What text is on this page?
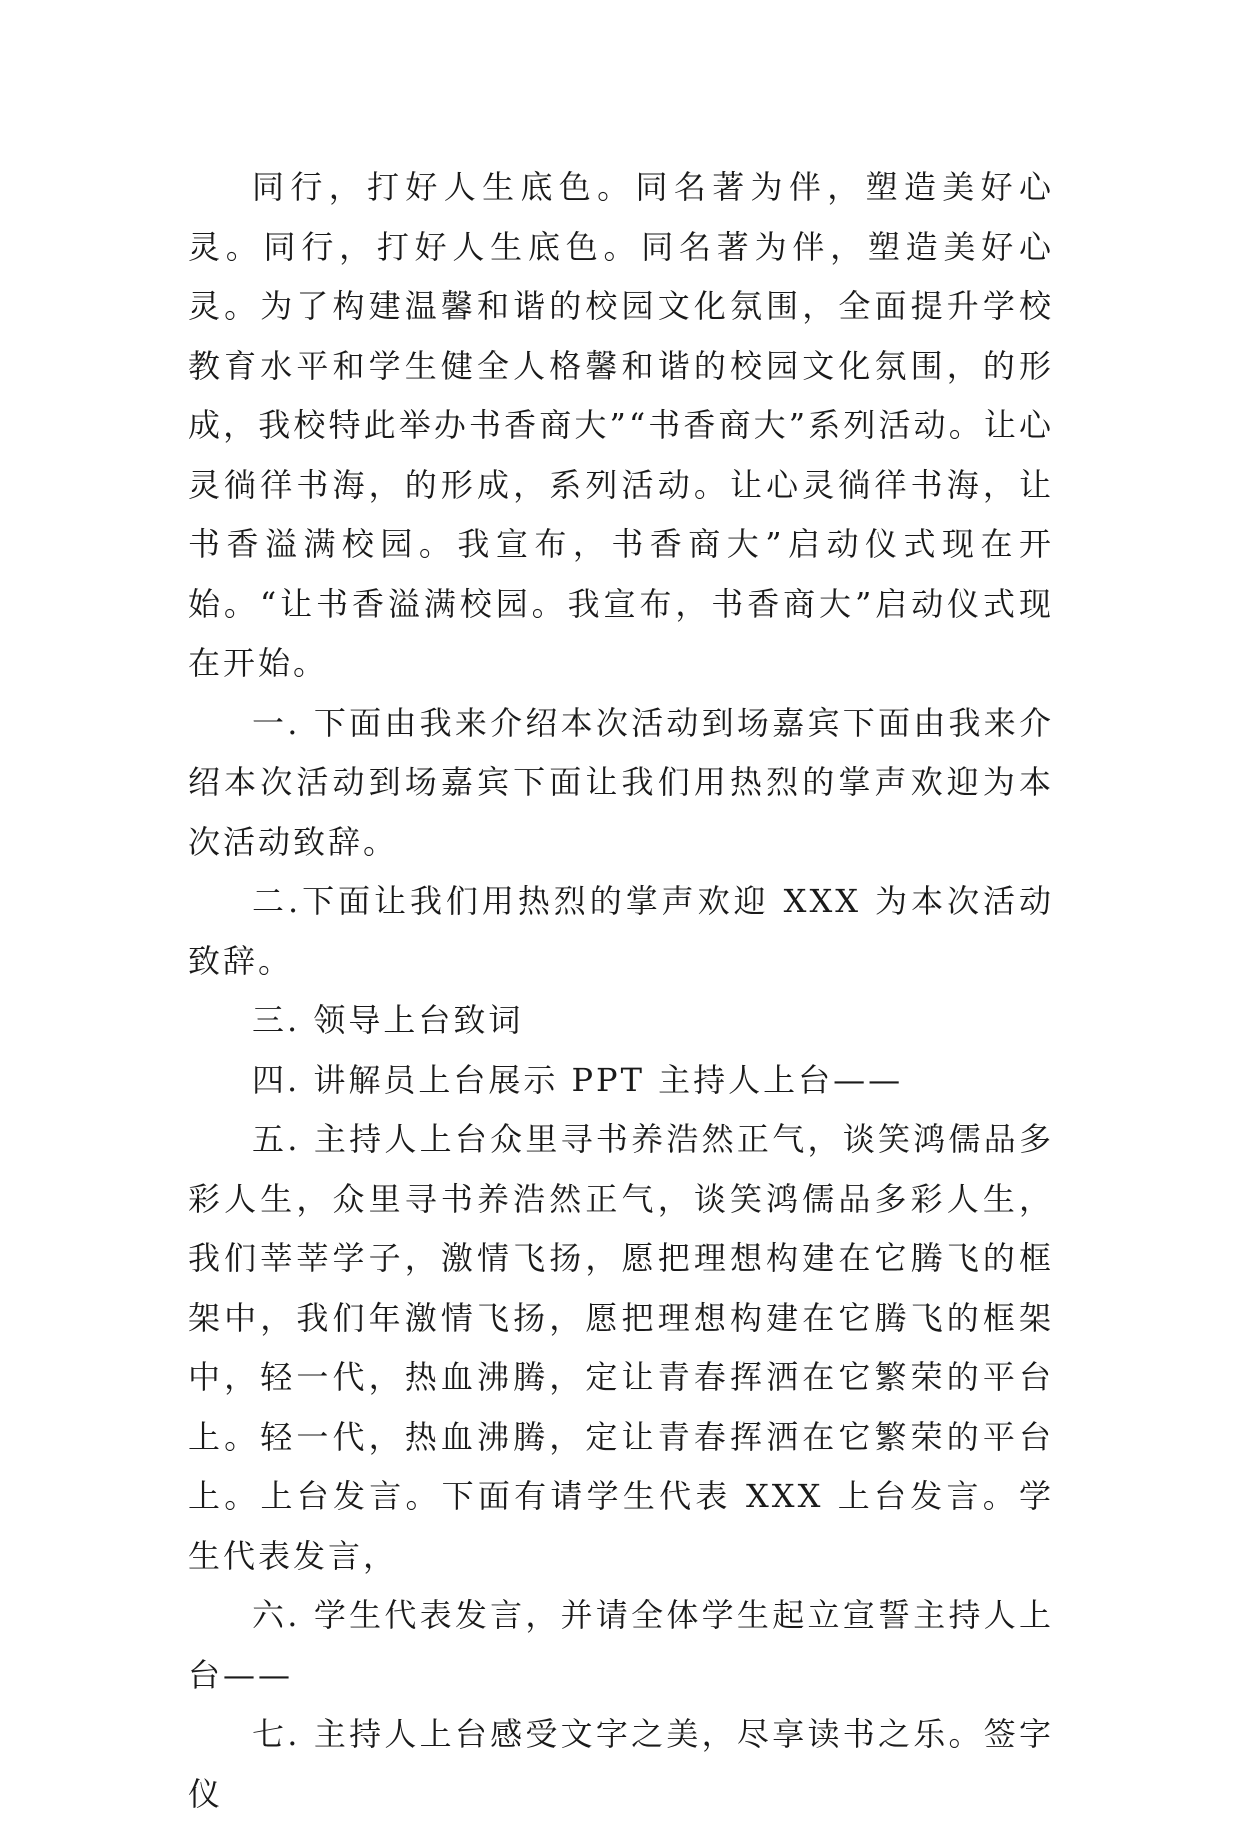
同行，打好人生底色。同名著为伴，塑造美好心灵。同行，打好人生底色。同名著为伴，塑造美好心灵。为了构建温馨和谐的校园文化氛围，全面提升学校教育水平和学生健全人格馨和谐的校园文化氛围，的形成，我校特此举办书香商大”“书香商大”系列活动。让心灵徜徉书海，的形成，系列活动。让心灵徜徉书海，让书香溢满校园。我宣布，书香商大”启动仪式现在开始。“让书香溢满校园。我宣布，书香商大”启动仪式现在开始。

一. 下面由我来介绍本次活动到场嘉宾下面由我来介绍本次活动到场嘉宾下面让我们用热烈的掌声欢迎为本次活动致辞。

二.下面让我们用热烈的掌声欢迎 XXX 为本次活动致辞。

三. 领导上台致词

四. 讲解员上台展示 PPT 主持人上台——

五. 主持人上台众里寻书养浩然正气，谈笑鸿儒品多彩人生，众里寻书养浩然正气，谈笑鸿儒品多彩人生，我们莘莘学子，激情飞扬，愿把理想构建在它腾飞的框架中，我们年激情飞扬，愿把理想构建在它腾飞的框架中，轻一代，热血沸腾，定让青春挥洒在它繁荣的平台上。轻一代，热血沸腾，定让青春挥洒在它繁荣的平台上。上台发言。下面有请学生代表 XXX 上台发言。学生代表发言，

六. 学生代表发言，并请全体学生起立宣誓主持人上台——

七. 主持人上台感受文字之美，尽享读书之乐。签字仪
